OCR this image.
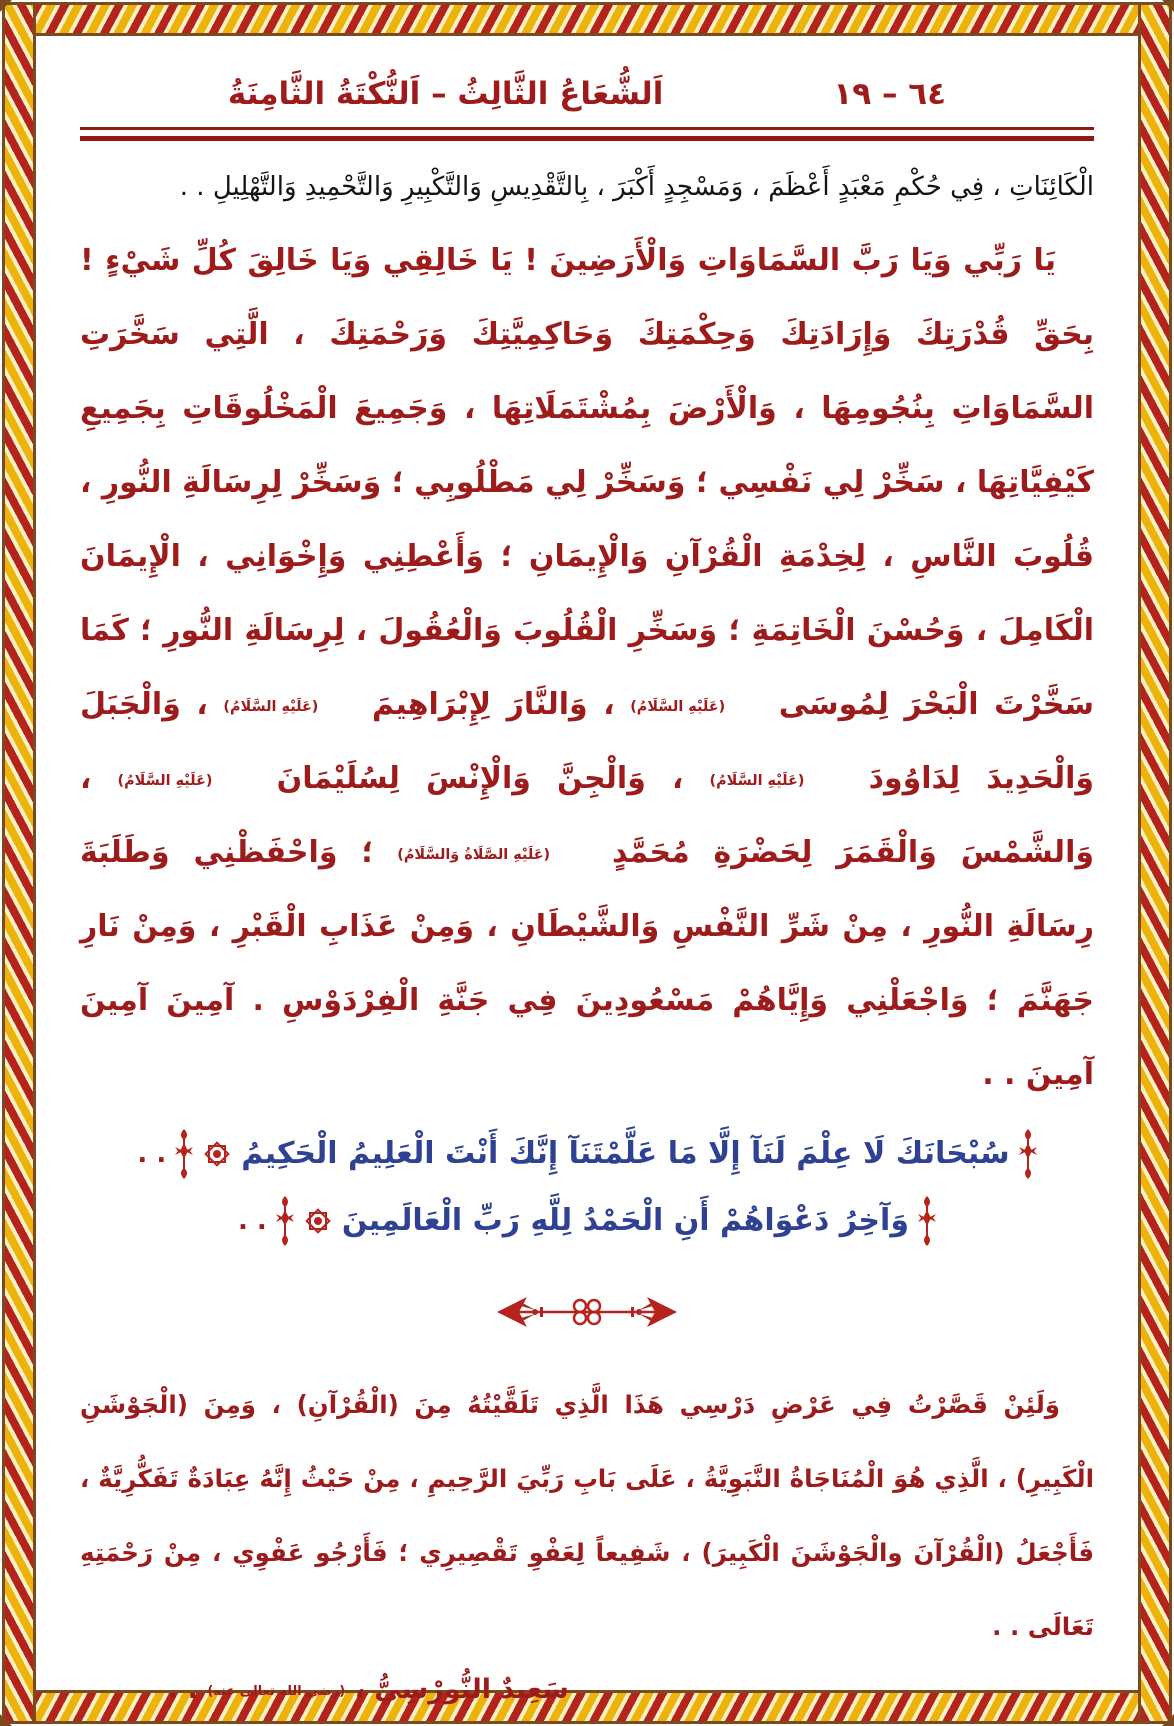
٦٤ – ١٩
اَلشُّعَاعُ الثَّالِثُ – اَلنُّكْتَةُ الثَّامِنَةُ

الْكَائِنَاتِ ، فِي حُكْمِ مَعْبَدٍ أَعْظَمَ ، وَمَسْجِدٍ أَكْبَرَ ، بِالتَّقْدِيسِ وَالتَّكْبِيرِ وَالتَّحْمِيدِ وَالتَّهْلِيلِ . .

يَا رَبِّي وَيَا رَبَّ السَّمَاوَاتِ وَالْأَرَضِينَ ! يَا خَالِقِي وَيَا خَالِقَ كُلِّ شَيْءٍ ! بِحَقِّ قُدْرَتِكَ وَإِرَادَتِكَ وَحِكْمَتِكَ وَحَاكِمِيَّتِكَ وَرَحْمَتِكَ ، الَّتِي سَخَّرَتِ السَّمَاوَاتِ بِنُجُومِهَا ، وَالْأَرْضَ بِمُشْتَمَلَاتِهَا ، وَجَمِيعَ الْمَخْلُوقَاتِ بِجَمِيعِ كَيْفِيَّاتِهَا ، سَخِّرْ لِي نَفْسِي ؛ وَسَخِّرْ لِي مَطْلُوبِي ؛ وَسَخِّرْ لِرِسَالَةِ النُّورِ ، قُلُوبَ النَّاسِ ، لِخِدْمَةِ الْقُرْآنِ وَالْإِيمَانِ ؛ وَأَعْطِنِي وَإِخْوَانِي ، الْإِيمَانَ الْكَامِلَ ، وَحُسْنَ الْخَاتِمَةِ ؛ وَسَخِّرِ الْقُلُوبَ وَالْعُقُولَ ، لِرِسَالَةِ النُّورِ ؛ كَمَا سَخَّرْتَ الْبَحْرَ لِمُوسَى (عَلَيْهِ السَّلَامُ) ، وَالنَّارَ لِإِبْرَاهِيمَ (عَلَيْهِ السَّلَامُ) ، وَالْجَبَلَ وَالْحَدِيدَ لِدَاوُودَ (عَلَيْهِ السَّلَامُ) ، وَالْجِنَّ وَالْإِنْسَ لِسُلَيْمَانَ (عَلَيْهِ السَّلَامُ) ، وَالشَّمْسَ وَالْقَمَرَ لِحَضْرَةِ مُحَمَّدٍ (عَلَيْهِ الصَّلَاةُ وَالسَّلَامُ) ؛ وَاحْفَظْنِي وَطَلَبَةَ رِسَالَةِ النُّورِ ، مِنْ شَرِّ النَّفْسِ وَالشَّيْطَانِ ، وَمِنْ عَذَابِ الْقَبْرِ ، وَمِنْ نَارِ جَهَنَّمَ ؛ وَاجْعَلْنِي وَإِيَّاهُمْ مَسْعُودِينَ فِي جَنَّةِ الْفِرْدَوْسِ . آمِينَ آمِينَ آمِينَ . .

سُبْحَانَكَ لَا عِلْمَ لَنَآ إِلَّا مَا عَلَّمْتَنَآ إِنَّكَ أَنْتَ الْعَلِيمُ الْحَكِيمُ
. .
وَآخِرُ دَعْوَاهُمْ أَنِ الْحَمْدُ لِلَّهِ رَبِّ الْعَالَمِينَ
. .

وَلَئِنْ قَصَّرْتُ فِي عَرْضِ دَرْسِي هَذَا الَّذِي تَلَقَّيْتُهُ مِنَ (الْقُرْآنِ) ، وَمِنَ (الْجَوْشَنِ الْكَبِيرِ) ، الَّذِي هُوَ الْمُنَاجَاةُ النَّبَوِيَّةُ ، عَلَى بَابِ رَبِّيَ الرَّحِيمِ ، مِنْ حَيْثُ إِنَّهُ عِبَادَةٌ تَفَكُّرِيَّةٌ ، فَأَجْعَلُ (الْقُرْآنَ والْجَوْشَنَ الْكَبِيرَ) ، شَفِيعاً لِعَفْوِ تَقْصِيرِي ؛ فَأَرْجُو عَفْوِي ، مِنْ رَحْمَتِهِ تَعَالَى . .

سَعِيدٌ النُّورْسِيُّ ، (رضي الله تعالى عنه) . .
